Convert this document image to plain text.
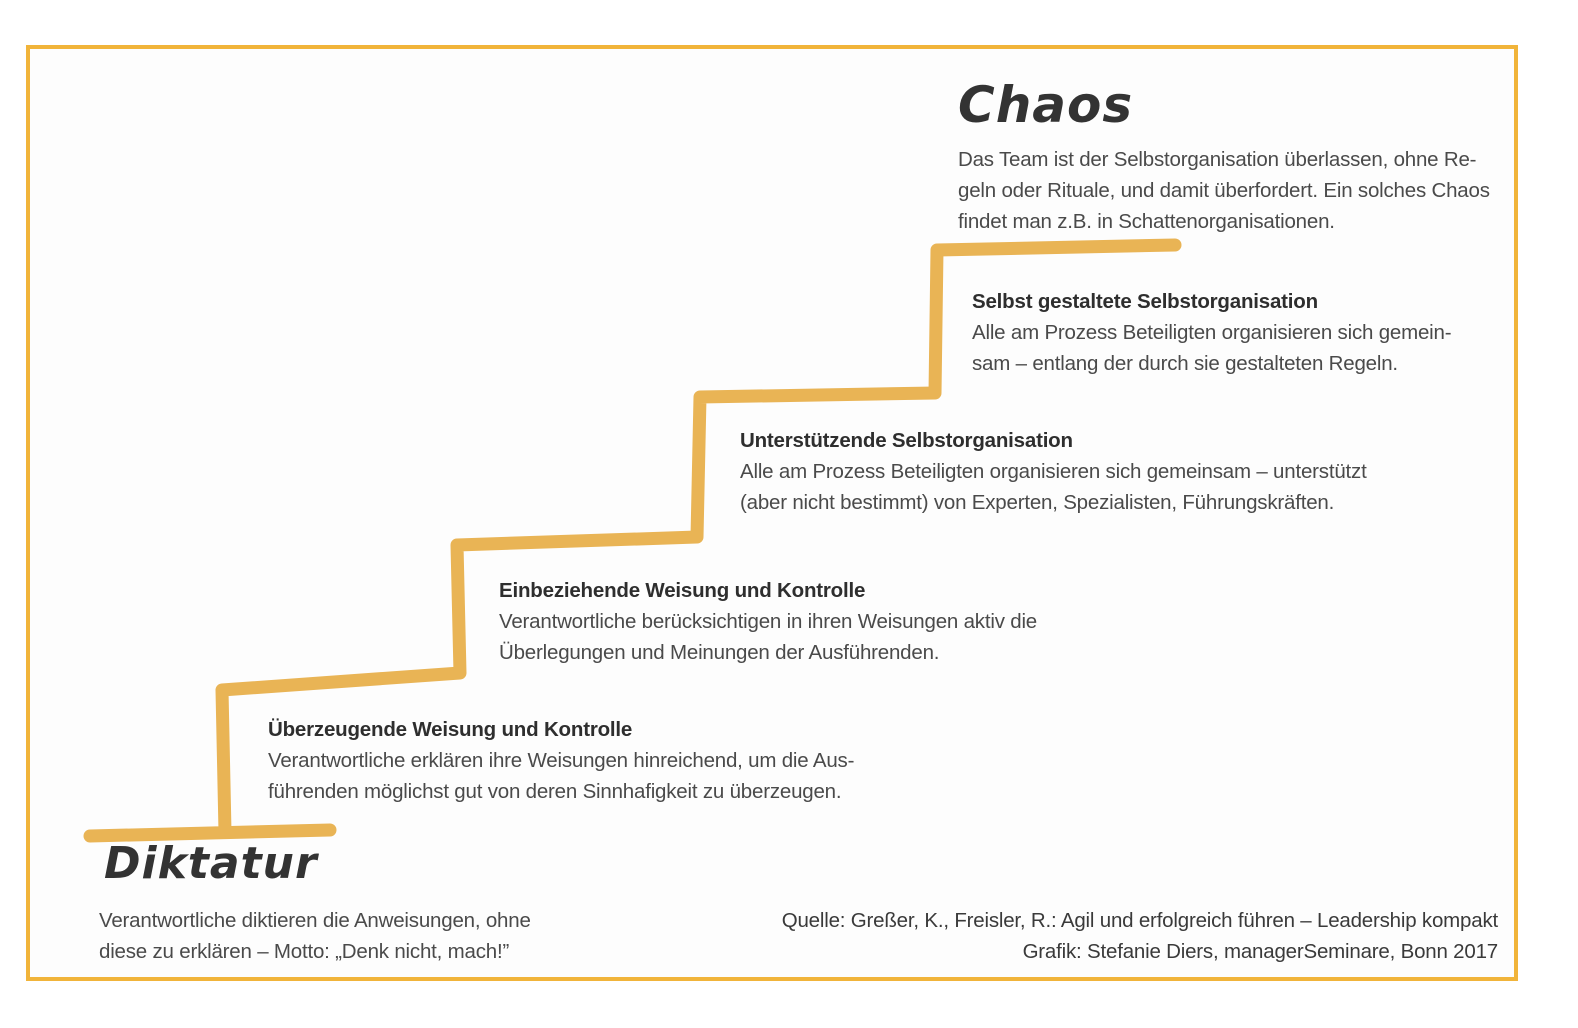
Chaos
Das Team ist der Selbstorganisation überlassen, ohne Re-geln oder Rituale, und damit überfordert. Ein solches Chaos findet man z.B. in Schattenorganisationen.
Selbst gestaltete Selbstorganisation
Alle am Prozess Beteiligten organisieren sich gemein-sam – entlang der durch sie gestalteten Regeln.
Unterstützende Selbstorganisation
Alle am Prozess Beteiligten organisieren sich gemeinsam – unterstützt (aber nicht bestimmt) von Experten, Spezialisten, Führungskräften.
Einbeziehende Weisung und Kontrolle
Verantwortliche berücksichtigen in ihren Weisungen aktiv die Überlegungen und Meinungen der Ausführenden.
Überzeugende Weisung und Kontrolle
Verantwortliche erklären ihre Weisungen hinreichend, um die Aus-führenden möglichst gut von deren Sinnhafigkeit zu überzeugen.
Diktatur
Verantwortliche diktieren die Anweisungen, ohne diese zu erklären – Motto: „Denk nicht, mach!”
Quelle: Greßer, K., Freisler, R.: Agil und erfolgreich führen – Leadership kompakt
Grafik: Stefanie Diers, managerSeminare, Bonn 2017
